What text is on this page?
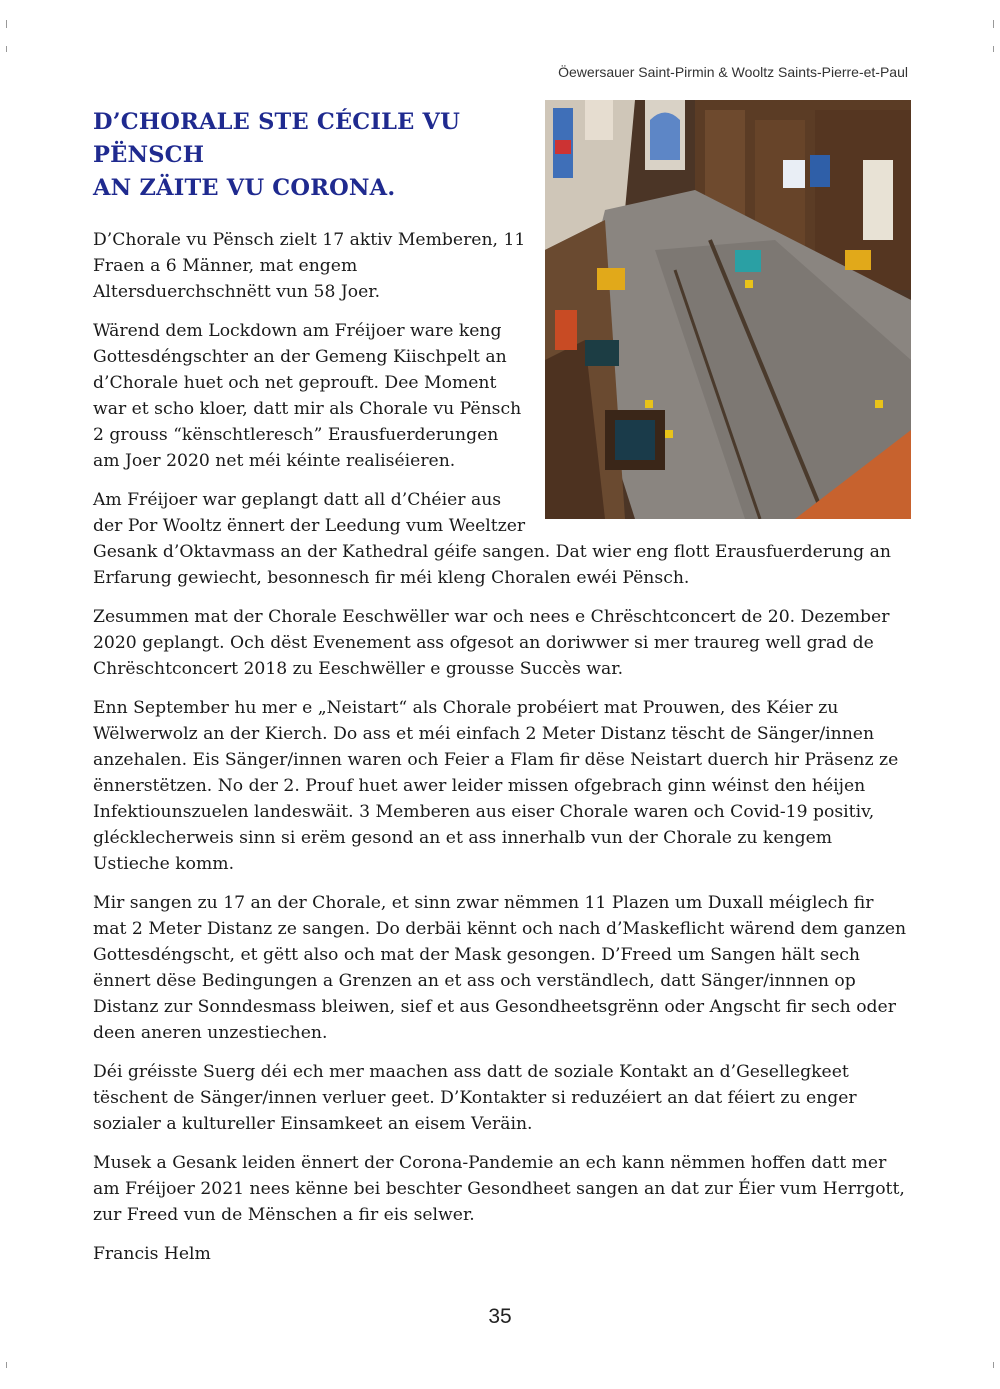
Öewersauer Saint-Pirmin & Wooltz Saints-Pierre-et-Paul
D’CHORALE STE CÉCILE VU PËNSCH
AN ZÄITE VU CORONA.

D’Chorale vu Pënsch zielt 17 aktiv Memberen, 11 Fraen a 6 Männer, mat engem Altersduerchschnëtt vun 58 Joer.

Wärend dem Lockdown am Fréijoer ware keng Gottesdéngschter an der Gemeng Kiischpelt an d’Chorale huet och net geprouft. Dee Moment war et scho kloer, datt mir als Chorale vu Pënsch 2 grouss “kënschtleresch” Erausfuerderungen am Joer 2020 net méi kéinte realiséieren.

Am Fréijoer war geplangt datt all d’Chéier aus der Por Wooltz ënnert der Leedung vum Weeltzer Gesank d’Oktavmass an der Kathedral géife sangen. Dat wier eng flott Erausfuerderung an Erfarung gewiecht, besonnesch fir méi kleng Choralen ewéi Pënsch.

Zesummen mat der Chorale Eeschwëller war och nees e Chrëschtconcert de 20. Dezember 2020 geplangt. Och dëst Evenement ass ofgesot an doriwwer si mer traureg well grad de Chrëschtconcert 2018 zu Eeschwëller e grousse Succès war.

Enn September hu mer e „Neistart“ als Chorale probéiert mat Prouwen, des Kéier zu Wëlwerwolz an der Kierch. Do ass et méi einfach 2 Meter Distanz tëscht de Sänger/innen anzehalen. Eis Sänger/innen waren och Feier a Flam fir dëse Neistart duerch hir Präsenz ze ënnerstëtzen. No der 2. Prouf huet awer leider missen ofgebrach ginn wéinst den héijen Infektiounszuelen landeswäit. 3 Memberen aus eiser Chorale waren och Covid-19 positiv, glécklecherweis sinn si erëm gesond an et ass innerhalb vun der Chorale zu kengem Ustieche komm.

Mir sangen zu 17 an der Chorale, et sinn zwar nëmmen 11 Plazen um Duxall méiglech fir mat 2 Meter Distanz ze sangen. Do derbäi kënnt och nach d’Maskeflicht wärend dem ganzen Gottesdéngscht, et gëtt also och mat der Mask gesongen. D’Freed um Sangen hält sech ënnert dëse Bedingungen a Grenzen an et ass och verständlech, datt Sänger/innnen op Distanz zur Sonndesmass bleiwen, sief et aus Gesondheetsgrënn oder Angscht fir sech oder deen aneren unzestiechen.

Déi gréisste Suerg déi ech mer maachen ass datt de soziale Kontakt an d’Gesellegkeet tëschent de Sänger/innen verluer geet. D’Kontakter si reduzéiert an dat féiert zu enger sozialer a kultureller Einsamkeet an eisem Veräin.

Musek a Gesank leiden ënnert der Corona-Pandemie an ech kann nëmmen hoffen datt mer am Fréijoer 2021 nees kënne bei beschter Gesondheet sangen an dat zur Éier vum Herrgott, zur Freed vun de Mënschen a fir eis selwer.

Francis Helm

35
